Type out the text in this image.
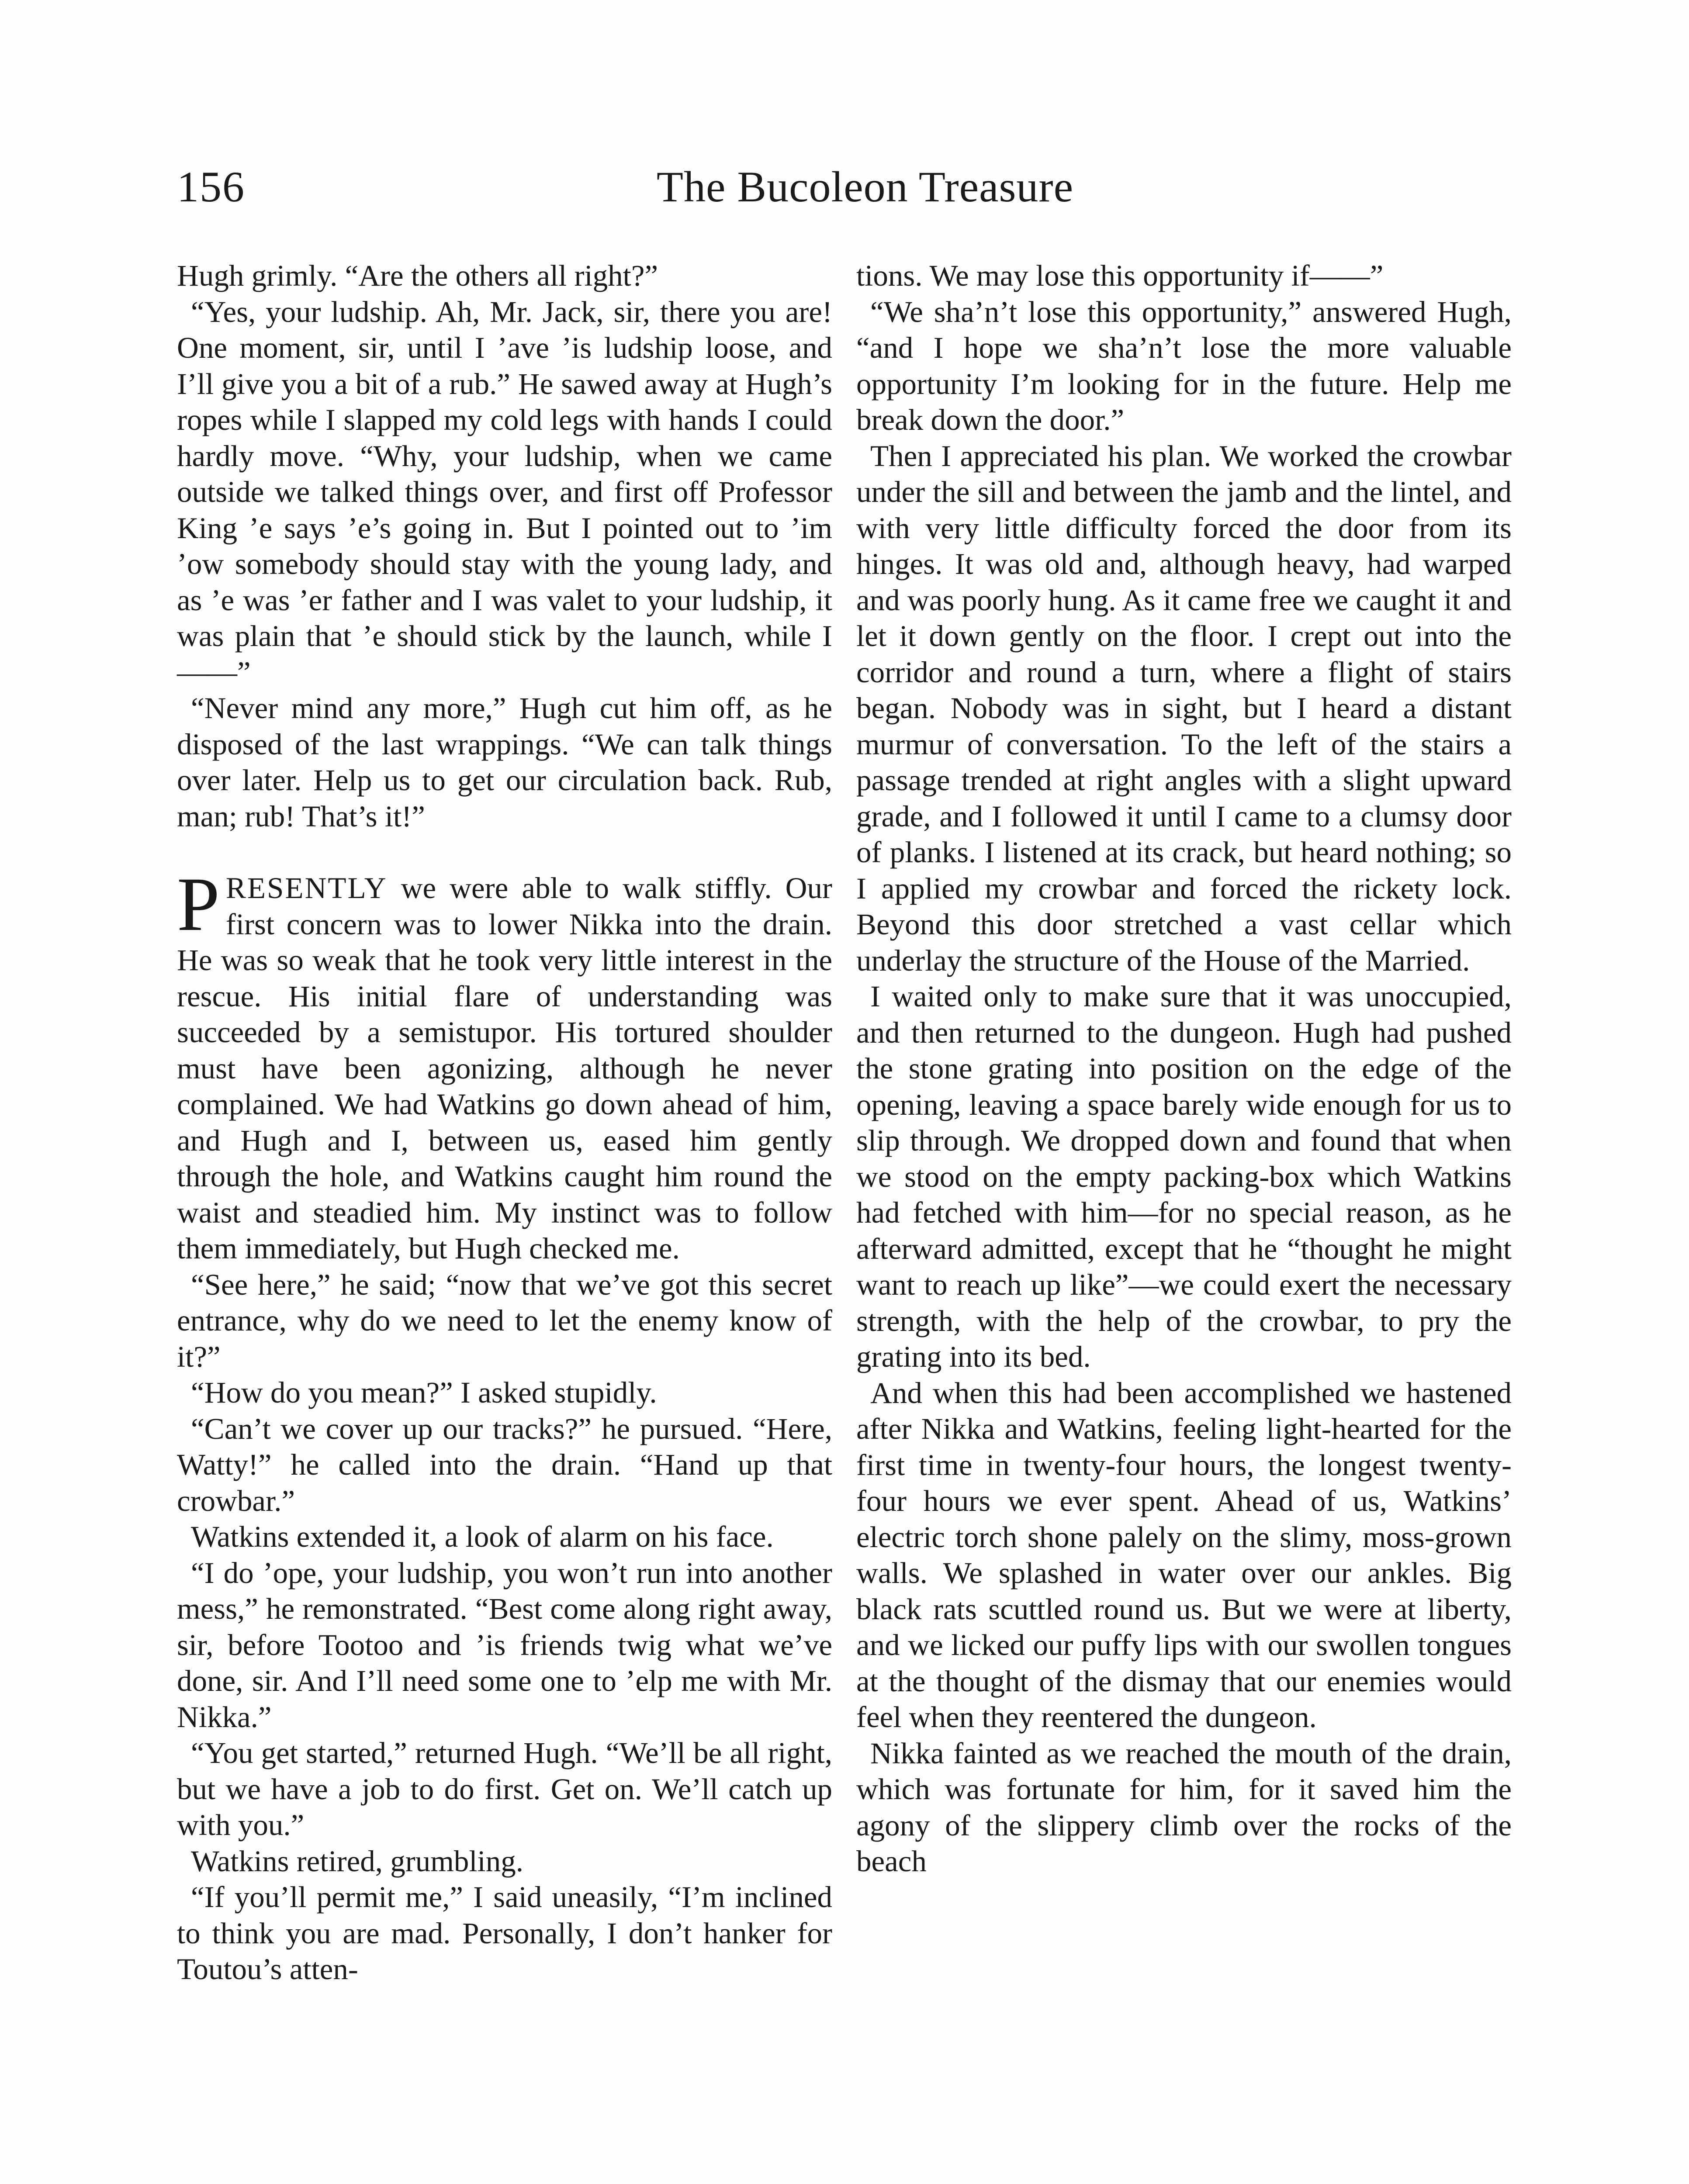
156	The Bucoleon Treasure

Hugh grimly. “Are the others all right?”

“Yes, your ludship. Ah, Mr. Jack, sir, there you are! One moment, sir, until I ’ave ’is ludship loose, and I’ll give you a bit of a rub.” He sawed away at Hugh’s ropes while I slapped my cold legs with hands I could hardly move. “Why, your ludship, when we came outside we talked things over, and first off Professor King ’e says ’e’s going in. But I pointed out to ’im ’ow somebody should stay with the young lady, and as ’e was ’er father and I was valet to your ludship, it was plain that ’e should stick by the launch, while I——”

“Never mind any more,” Hugh cut him off, as he disposed of the last wrappings. “We can talk things over later. Help us to get our circulation back. Rub, man; rub! That’s it!”

PRESENTLY we were able to walk stiffly. Our first concern was to lower Nikka into the drain. He was so weak that he took very little interest in the rescue. His initial flare of understanding was succeeded by a semistupor. His tortured shoulder must have been agonizing, although he never complained. We had Watkins go down ahead of him, and Hugh and I, between us, eased him gently through the hole, and Watkins caught him round the waist and steadied him. My instinct was to follow them immediately, but Hugh checked me.

“See here,” he said; “now that we’ve got this secret entrance, why do we need to let the enemy know of it?”

“How do you mean?” I asked stupidly.

“Can’t we cover up our tracks?” he pursued. “Here, Watty!” he called into the drain. “Hand up that crowbar.”

Watkins extended it, a look of alarm on his face.

“I do ’ope, your ludship, you won’t run into another mess,” he remonstrated. “Best come along right away, sir, before Tootoo and ’is friends twig what we’ve done, sir. And I’ll need some one to ’elp me with Mr. Nikka.”

“You get started,” returned Hugh. “We’ll be all right, but we have a job to do first. Get on. We’ll catch up with you.”

Watkins retired, grumbling.

“If you’ll permit me,” I said uneasily, “I’m inclined to think you are mad. Personally, I don’t hanker for Toutou’s atten-

tions. We may lose this opportunity if——”

“We sha’n’t lose this opportunity,” answered Hugh, “and I hope we sha’n’t lose the more valuable opportunity I’m looking for in the future. Help me break down the door.”

Then I appreciated his plan. We worked the crowbar under the sill and between the jamb and the lintel, and with very little difficulty forced the door from its hinges. It was old and, although heavy, had warped and was poorly hung. As it came free we caught it and let it down gently on the floor. I crept out into the corridor and round a turn, where a flight of stairs began. Nobody was in sight, but I heard a distant murmur of conversation. To the left of the stairs a passage trended at right angles with a slight upward grade, and I followed it until I came to a clumsy door of planks. I listened at its crack, but heard nothing; so I applied my crowbar and forced the rickety lock. Beyond this door stretched a vast cellar which underlay the structure of the House of the Married.

I waited only to make sure that it was unoccupied, and then returned to the dungeon. Hugh had pushed the stone grating into position on the edge of the opening, leaving a space barely wide enough for us to slip through. We dropped down and found that when we stood on the empty packing-box which Watkins had fetched with him—for no special reason, as he afterward admitted, except that he “thought he might want to reach up like”—we could exert the necessary strength, with the help of the crowbar, to pry the grating into its bed.

And when this had been accomplished we hastened after Nikka and Watkins, feeling light-hearted for the first time in twenty-four hours, the longest twenty-four hours we ever spent. Ahead of us, Watkins’ electric torch shone palely on the slimy, moss-grown walls. We splashed in water over our ankles. Big black rats scuttled round us. But we were at liberty, and we licked our puffy lips with our swollen tongues at the thought of the dismay that our enemies would feel when they reentered the dungeon.

Nikka fainted as we reached the mouth of the drain, which was fortunate for him, for it saved him the agony of the slippery climb over the rocks of the beach
